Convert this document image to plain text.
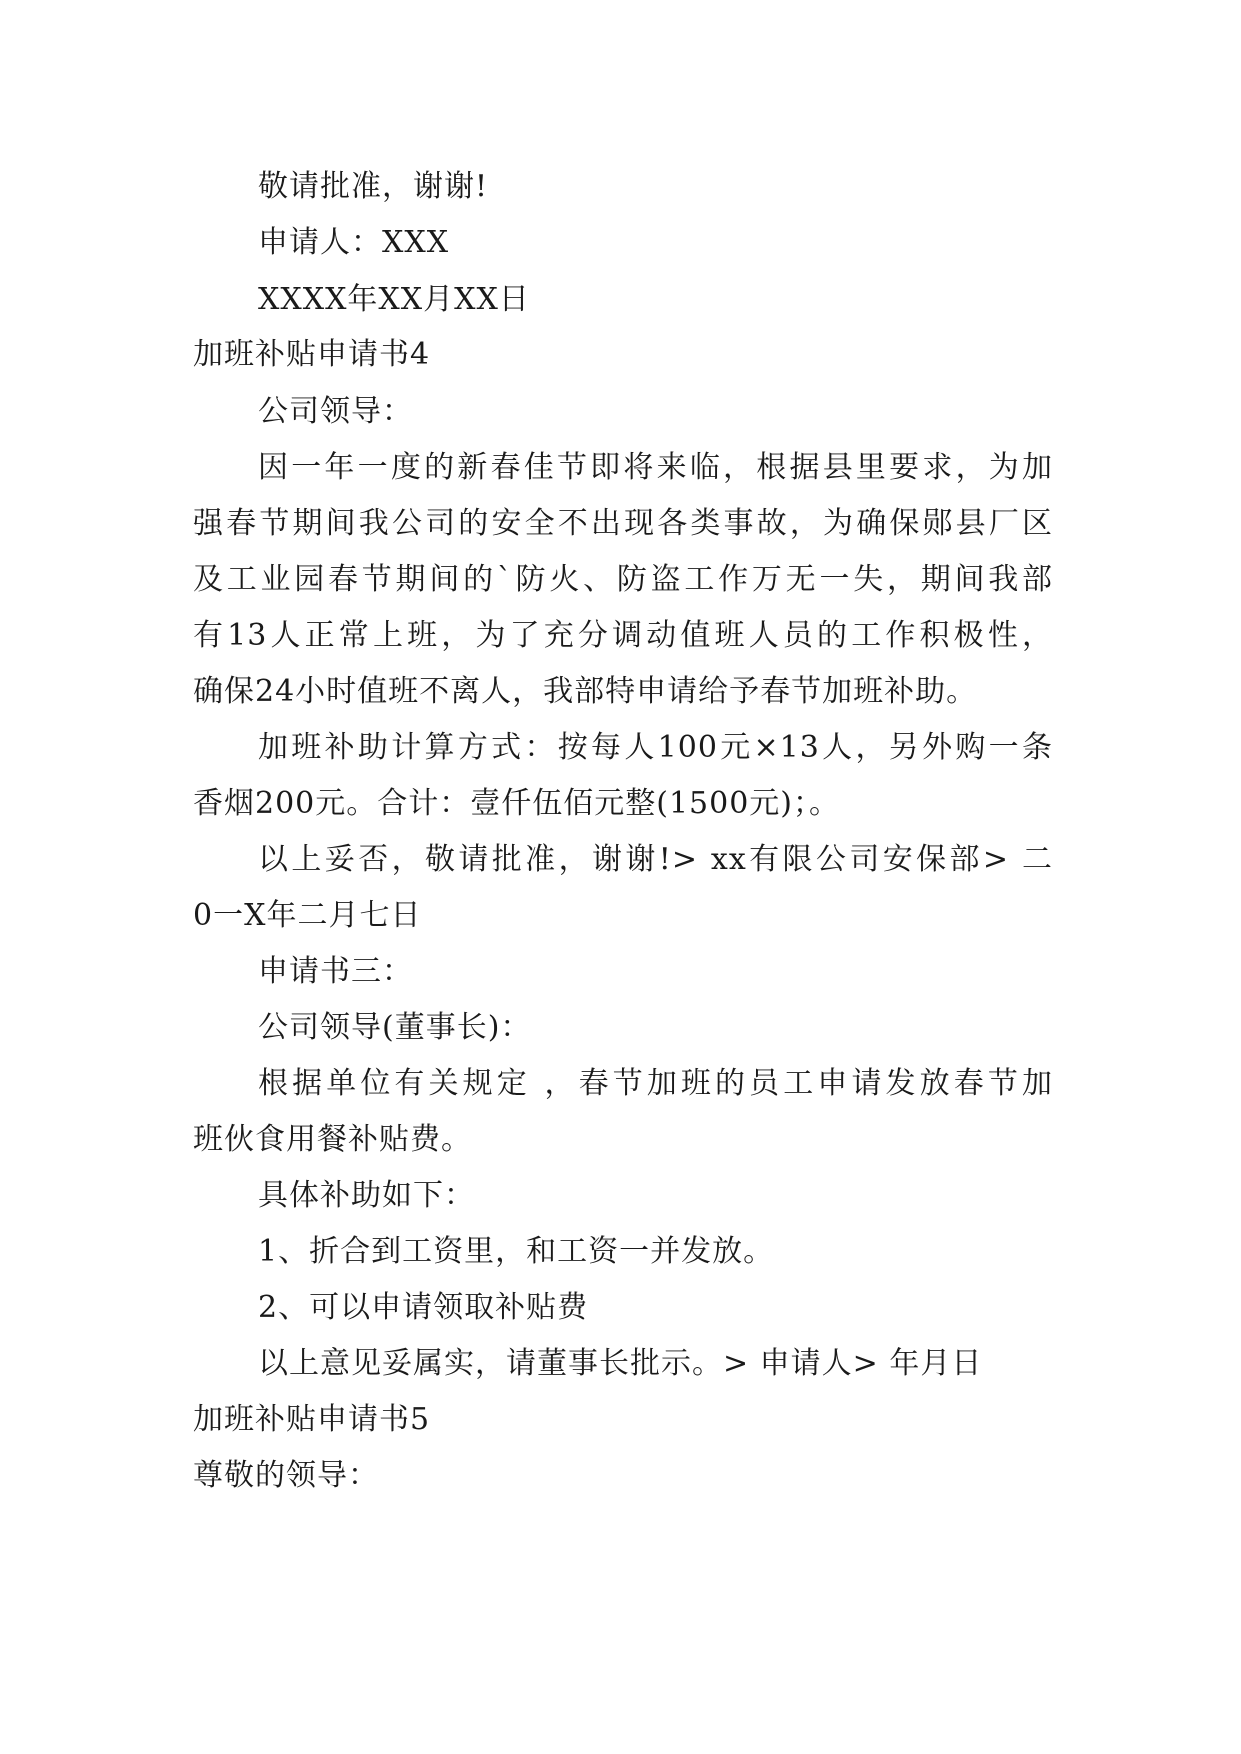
敬请批准，谢谢!
申请人：XXX
XXXX年XX月XX日
加班补贴申请书4
公司领导：
因一年一度的新春佳节即将来临，根据县里要求，为加
强春节期间我公司的安全不出现各类事故，为确保郧县厂区
及工业园春节期间的`防火、防盗工作万无一失，期间我部
有13人正常上班，为了充分调动值班人员的工作积极性，
确保24小时值班不离人，我部特申请给予春节加班补助。
加班补助计算方式：按每人100元×13人，另外购一条
香烟200元。合计：壹仟伍佰元整(1500元)；。
以上妥否，敬请批准，谢谢!> xx有限公司安保部> 二
0一X年二月七日
申请书三：
公司领导(董事长)：
根据单位有关规定 ，春节加班的员工申请发放春节加
班伙食用餐补贴费。
具体补助如下：
1、折合到工资里，和工资一并发放。
2、可以申请领取补贴费
以上意见妥属实，请董事长批示。> 申请人> 年月日
加班补贴申请书5
尊敬的领导：
